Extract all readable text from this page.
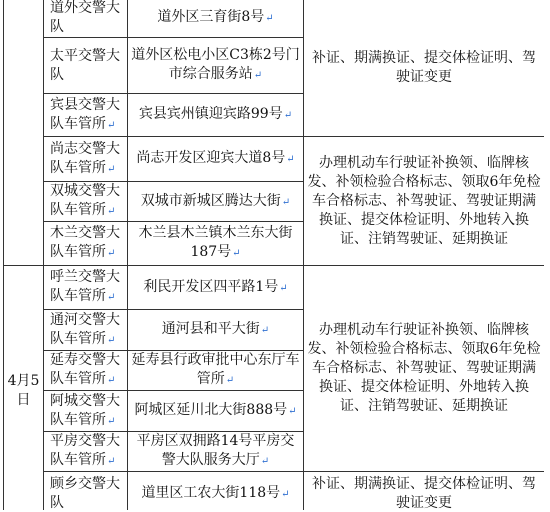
	道外交警大队	道外区三育街8号↵	补证、期满换证、提交体检证明、驾驶证变更
	太平交警大队	道外区松电小区C3栋2号门市综合服务站↵	
	宾县交警大队车管所↵	宾县宾州镇迎宾路99号↵	
	尚志交警大队车管所↵	尚志开发区迎宾大道8号↵	办理机动车行驶证补换领、临牌核发、补领检验合格标志、领取6年免检车合格标志、补驾驶证、驾驶证期满换证、提交体检证明、外地转入换证、注销驾驶证、延期换证
	双城交警大队车管所↵	双城市新城区腾达大街↵	
	木兰交警大队车管所↵	木兰县木兰镇木兰东大街187号↵	
4月5日	呼兰交警大队车管所↵	利民开发区四平路1号↵	办理机动车行驶证补换领、临牌核发、补领检验合格标志、领取6年免检车合格标志、补驾驶证、驾驶证期满换证、提交体检证明、外地转入换证、注销驾驶证、延期换证
	通河交警大队车管所↵	通河县和平大街↵	
	延寿交警大队车管所↵	延寿县行政审批中心东厅车管所↵	
	阿城交警大队车管所↵	阿城区延川北大街888号↵	
	平房交警大队车管所↵	平房区双拥路14号平房交警大队服务大厅↵	
	顾乡交警大队	道里区工农大街118号↵	补证、期满换证、提交体检证明、驾驶证变更
